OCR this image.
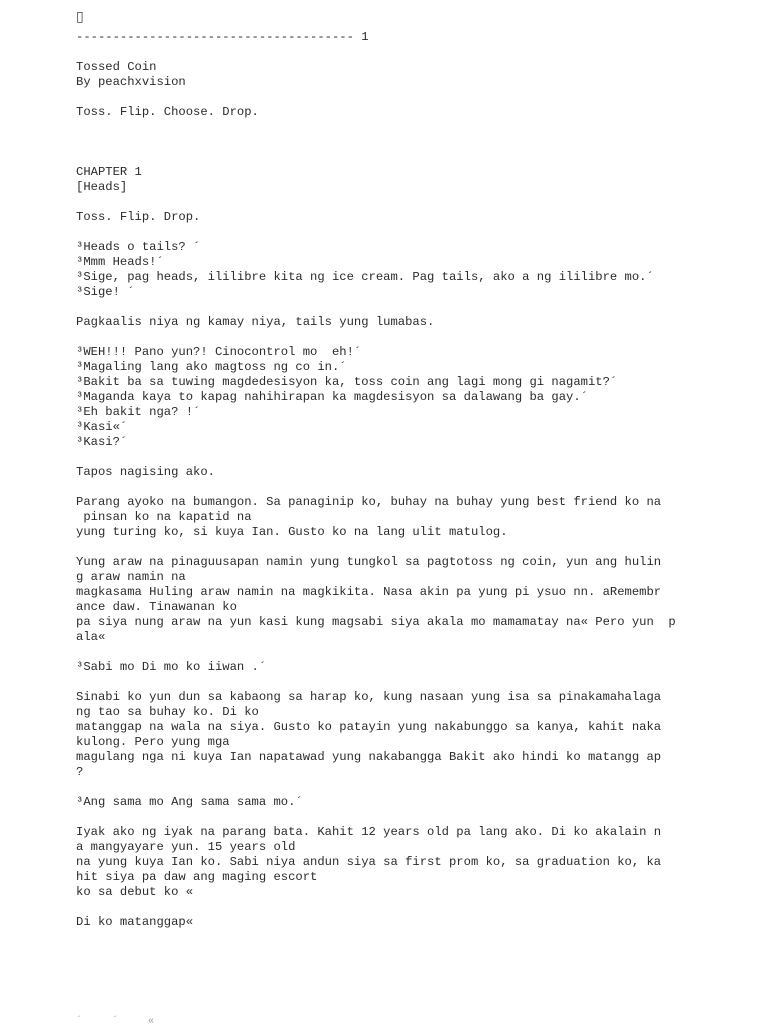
▯
-------------------------------------- 1
Tossed Coin
By peachxvision
Toss. Flip. Choose. Drop.
CHAPTER 1
[Heads]
Toss. Flip. Drop.
³Heads o tails? ´
³Mmm Heads!´
³Sige, pag heads, ililibre kita ng ice cream. Pag tails, ako a ng ililibre mo.´
³Sige! ´
Pagkaalis niya ng kamay niya, tails yung lumabas.
³WEH!!! Pano yun?! Cinocontrol mo  eh!´
³Magaling lang ako magtoss ng co in.´
³Bakit ba sa tuwing magdedesisyon ka, toss coin ang lagi mong gi nagamit?´
³Maganda kaya to kapag nahihirapan ka magdesisyon sa dalawang ba gay.´
³Eh bakit nga? !´
³Kasi«´
³Kasi?´
Tapos nagising ako.
Parang ayoko na bumangon. Sa panaginip ko, buhay na buhay yung best friend ko na
pinsan ko na kapatid na
yung turing ko, si kuya Ian. Gusto ko na lang ulit matulog.
Yung araw na pinaguusapan namin yung tungkol sa pagtotoss ng coin, yun ang hulin
g araw namin na
magkasama Huling araw namin na magkikita. Nasa akin pa yung pi ysuo nn. aRemembr
ance daw. Tinawanan ko
pa siya nung araw na yun kasi kung magsabi siya akala mo mamamatay na« Pero yun  p
ala«
³Sabi mo Di mo ko iiwan .´
Sinabi ko yun dun sa kabaong sa harap ko, kung nasaan yung isa sa pinakamahalaga
ng tao sa buhay ko. Di ko
matanggap na wala na siya. Gusto ko patayin yung nakabunggo sa kanya, kahit naka
kulong. Pero yung mga
magulang nga ni kuya Ian napatawad yung nakabangga Bakit ako hindi ko matangg ap
?
³Ang sama mo Ang sama sama mo.´
Iyak ako ng iyak na parang bata. Kahit 12 years old pa lang ako. Di ko akalain n
a mangyayare yun. 15 years old
na yung kuya Ian ko. Sabi niya andun siya sa first prom ko, sa graduation ko, ka
hit siya pa daw ang maging escort
ko sa debut ko «
Di ko matanggap«
´     ´     «
